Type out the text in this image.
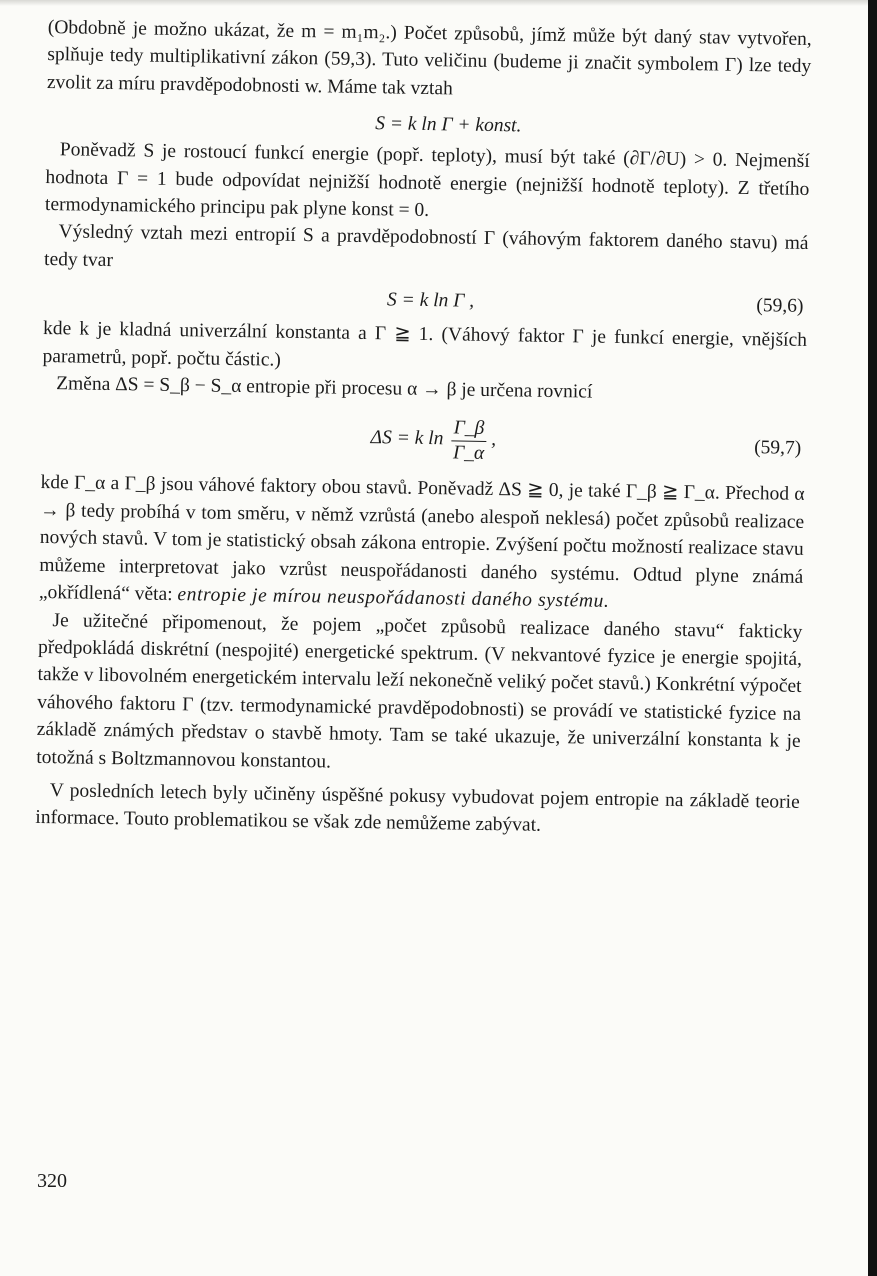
(Obdobně je možno ukázat, že m = m₁m₂.) Počet způsobů, jímž může být daný stav vytvořen, splňuje tedy multiplikativní zákon (59,3). Tuto veličinu (budeme ji značit symbolem Γ) lze tedy zvolit za míru pravděpodobnosti w. Máme tak vztah

S = k ln Γ + konst.

Poněvadž S je rostoucí funkcí energie (popř. teploty), musí být také (∂Γ/∂U) > 0. Nejmenší hodnota Γ = 1 bude odpovídat nejnižší hodnotě energie (nejnižší hodnotě teploty). Z třetího termodynamického principu pak plyne konst = 0.

Výsledný vztah mezi entropií S a pravděpodobností Γ (váhovým faktorem daného stavu) má tedy tvar

S = k ln Γ ,	(59,6)

kde k je kladná univerzální konstanta a Γ ≧ 1. (Váhový faktor Γ je funkcí energie, vnějších parametrů, popř. počtu částic.)

Změna ΔS = S_β − S_α entropie při procesu α → β je určena rovnicí

ΔS = k $\ln \frac{\Gamma\_\beta}{\Gamma\_\alpha}$ ,	(59,7)

kde Γ_α a Γ_β jsou váhové faktory obou stavů. Poněvadž ΔS ≧ 0, je také Γ_β ≧ Γ_α. Přechod α → β tedy probíhá v tom směru, v němž vzrůstá (anebo alespoň neklesá) počet způsobů realizace nových stavů. V tom je statistický obsah zákona entropie. Zvýšení počtu možností realizace stavu můžeme interpretovat jako vzrůst neuspořádanosti daného systému. Odtud plyne známá „okřídlená“ věta: entropie je mírou neuspořádanosti daného systému.

Je užitečné připomenout, že pojem „počet způsobů realizace daného stavu“ fakticky předpokládá diskrétní (nespojité) energetické spektrum. (V nekvantové fyzice je energie spojitá, takže v libovolném energetickém intervalu leží nekonečně veliký počet stavů.) Konkrétní výpočet váhového faktoru Γ (tzv. termodynamické pravděpodobnosti) se provádí ve statistické fyzice na základě známých představ o stavbě hmoty. Tam se také ukazuje, že univerzální konstanta k je totožná s Boltzmannovou konstantou.

V posledních letech byly učiněny úspěšné pokusy vybudovat pojem entropie na základě teorie informace. Touto problematikou se však zde nemůžeme zabývat.

320
